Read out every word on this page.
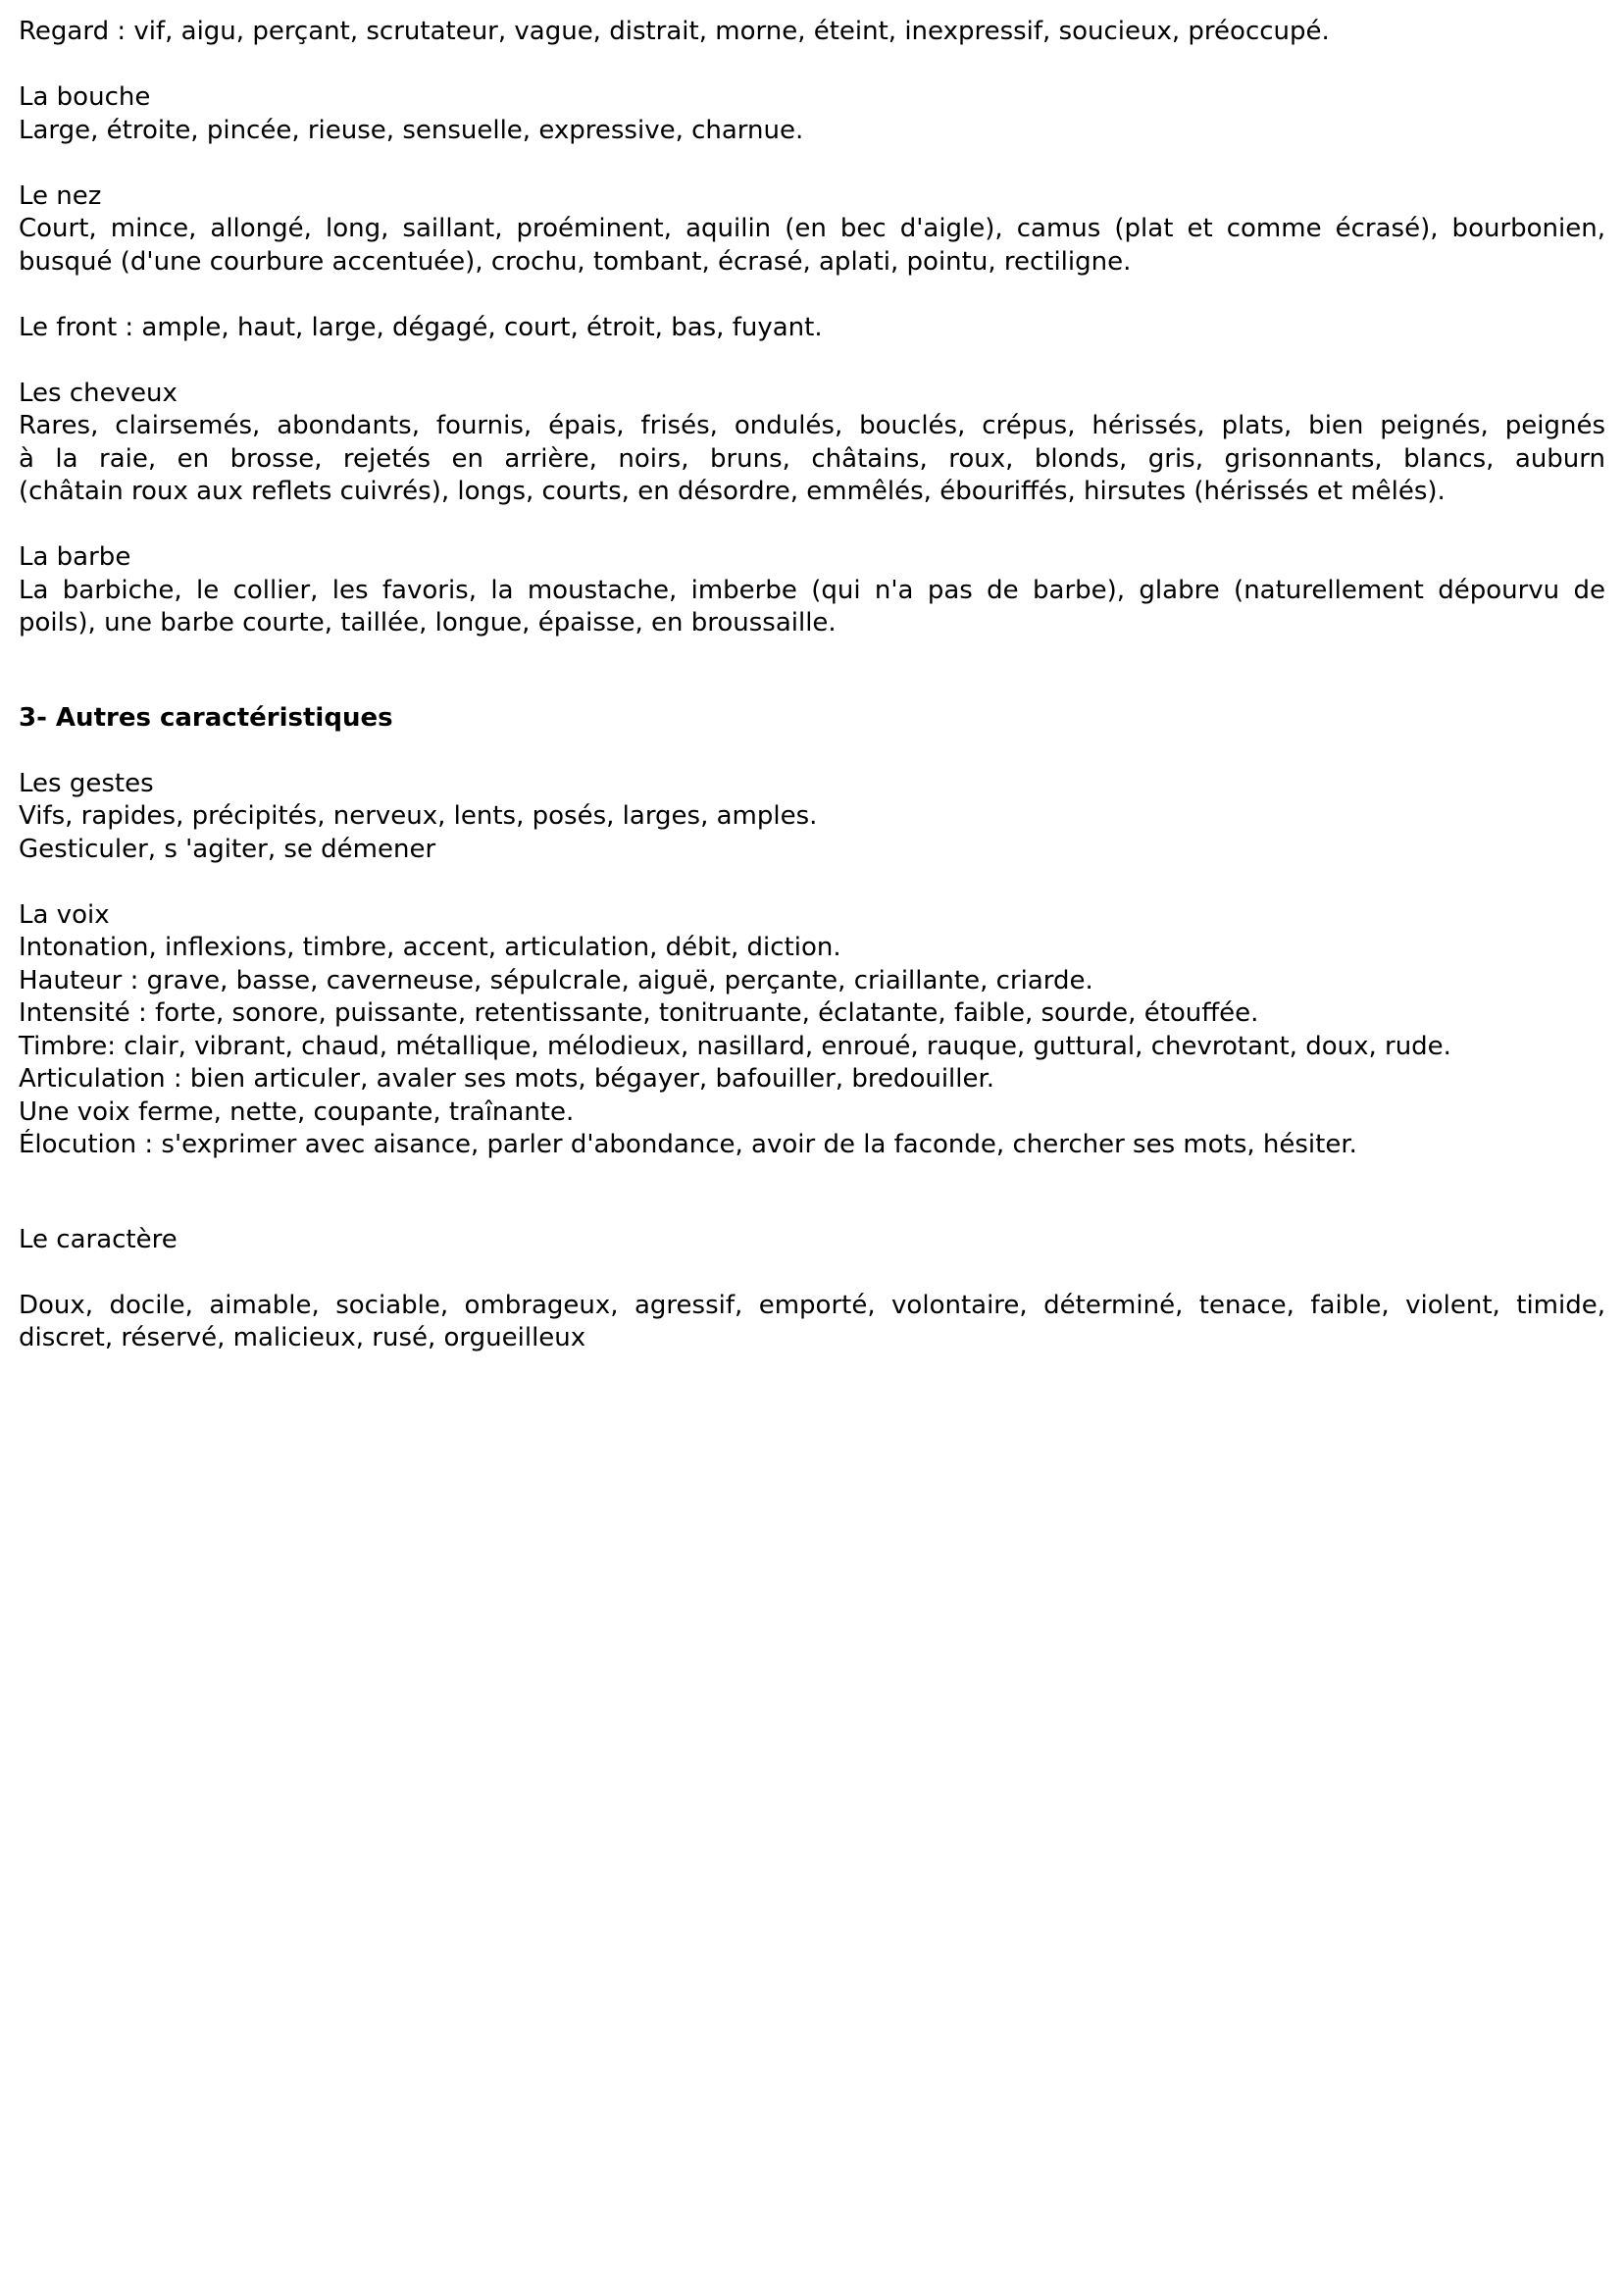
Regard : vif, aigu, perçant, scrutateur, vague, distrait, morne, éteint, inexpressif, soucieux, préoccupé.
La bouche
Large, étroite, pincée, rieuse, sensuelle, expressive, charnue.
Le nez
Court, mince, allongé, long, saillant, proéminent, aquilin (en bec d'aigle), camus (plat et comme écrasé), bourbonien,
busqué (d'une courbure accentuée), crochu, tombant, écrasé, aplati, pointu, rectiligne.
Le front : ample, haut, large, dégagé, court, étroit, bas, fuyant.
Les cheveux
Rares, clairsemés, abondants, fournis, épais, frisés, ondulés, bouclés, crépus, hérissés, plats, bien peignés, peignés
à la raie, en brosse, rejetés en arrière, noirs, bruns, châtains, roux, blonds, gris, grisonnants, blancs, auburn
(châtain roux aux reflets cuivrés), longs, courts, en désordre, emmêlés, ébouriffés, hirsutes (hérissés et mêlés).
La barbe
La barbiche, le collier, les favoris, la moustache, imberbe (qui n'a pas de barbe), glabre (naturellement dépourvu de
poils), une barbe courte, taillée, longue, épaisse, en broussaille.
3- Autres caractéristiques
Les gestes
Vifs, rapides, précipités, nerveux, lents, posés, larges, amples.
Gesticuler, s 'agiter, se démener
La voix
Intonation, inflexions, timbre, accent, articulation, débit, diction.
Hauteur : grave, basse, caverneuse, sépulcrale, aiguë, perçante, criaillante, criarde.
Intensité : forte, sonore, puissante, retentissante, tonitruante, éclatante, faible, sourde, étouffée.
Timbre: clair, vibrant, chaud, métallique, mélodieux, nasillard, enroué, rauque, guttural, chevrotant, doux, rude.
Articulation : bien articuler, avaler ses mots, bégayer, bafouiller, bredouiller.
Une voix ferme, nette, coupante, traînante.
Élocution : s'exprimer avec aisance, parler d'abondance, avoir de la faconde, chercher ses mots, hésiter.
Le caractère
Doux, docile, aimable, sociable, ombrageux, agressif, emporté, volontaire, déterminé, tenace, faible, violent, timide,
discret, réservé, malicieux, rusé, orgueilleux
